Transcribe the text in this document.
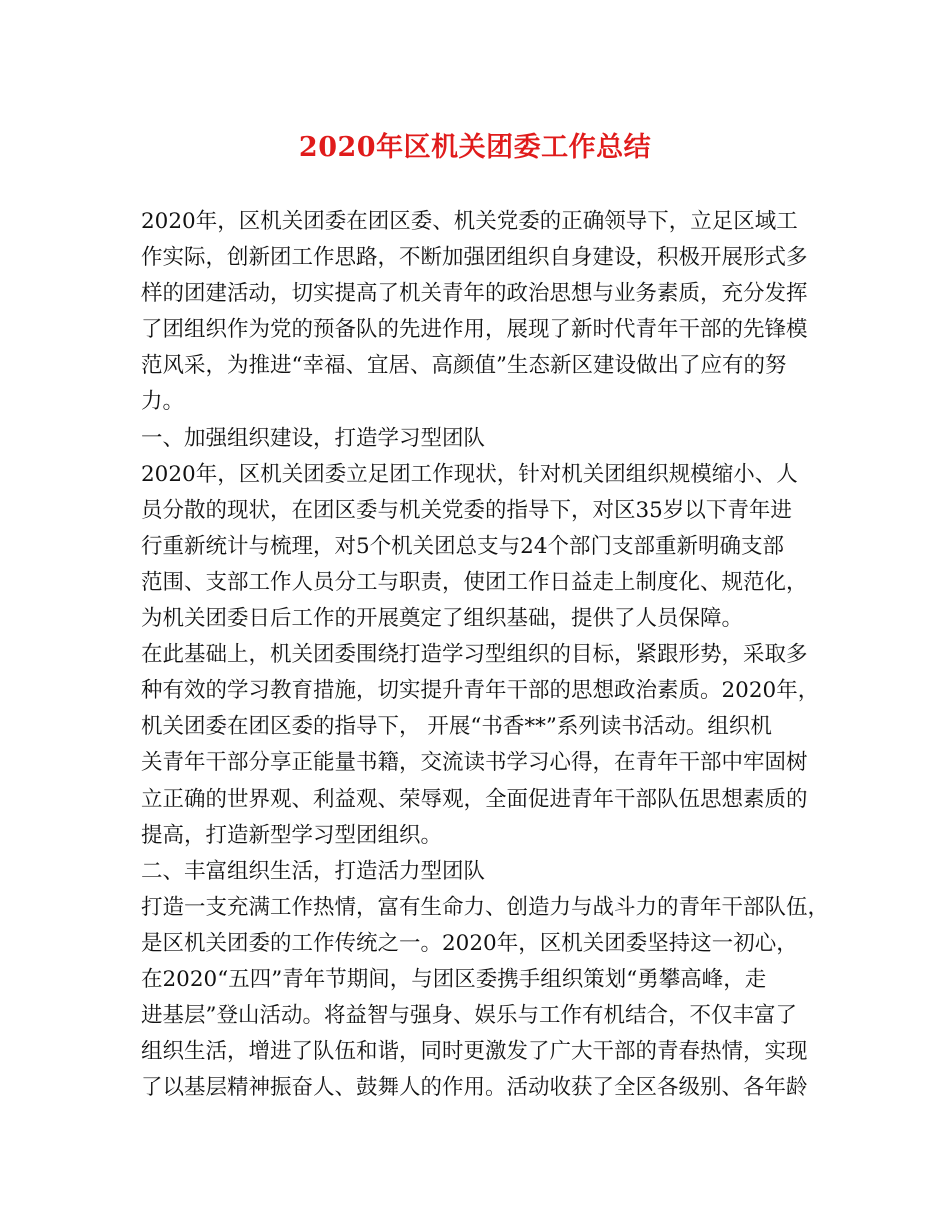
2020年区机关团委工作总结
2020年，区机关团委在团区委、机关党委的正确领导下，立足区域工
作实际，创新团工作思路，不断加强团组织自身建设，积极开展形式多
样的团建活动，切实提高了机关青年的政治思想与业务素质，充分发挥
了团组织作为党的预备队的先进作用，展现了新时代青年干部的先锋模
范风采，为推进“幸福、宜居、高颜值”生态新区建设做出了应有的努
力。
一、加强组织建设，打造学习型团队
2020年，区机关团委立足团工作现状，针对机关团组织规模缩小、人
员分散的现状，在团区委与机关党委的指导下，对区35岁以下青年进
行重新统计与梳理，对5个机关团总支与24个部门支部重新明确支部
范围、支部工作人员分工与职责，使团工作日益走上制度化、规范化，
为机关团委日后工作的开展奠定了组织基础，提供了人员保障。
在此基础上，机关团委围绕打造学习型组织的目标，紧跟形势，采取多
种有效的学习教育措施，切实提升青年干部的思想政治素质。2020年，
机关团委在团区委的指导下， 开展“书香**”系列读书活动。组织机
关青年干部分享正能量书籍，交流读书学习心得，在青年干部中牢固树
立正确的世界观、利益观、荣辱观，全面促进青年干部队伍思想素质的
提高，打造新型学习型团组织。
二、丰富组织生活，打造活力型团队
打造一支充满工作热情，富有生命力、创造力与战斗力的青年干部队伍，
是区机关团委的工作传统之一。2020年，区机关团委坚持这一初心，
在2020“五四”青年节期间，与团区委携手组织策划“勇攀高峰，走
进基层”登山活动。将益智与强身、娱乐与工作有机结合，不仅丰富了
组织生活，增进了队伍和谐，同时更激发了广大干部的青春热情，实现
了以基层精神振奋人、鼓舞人的作用。活动收获了全区各级别、各年龄
